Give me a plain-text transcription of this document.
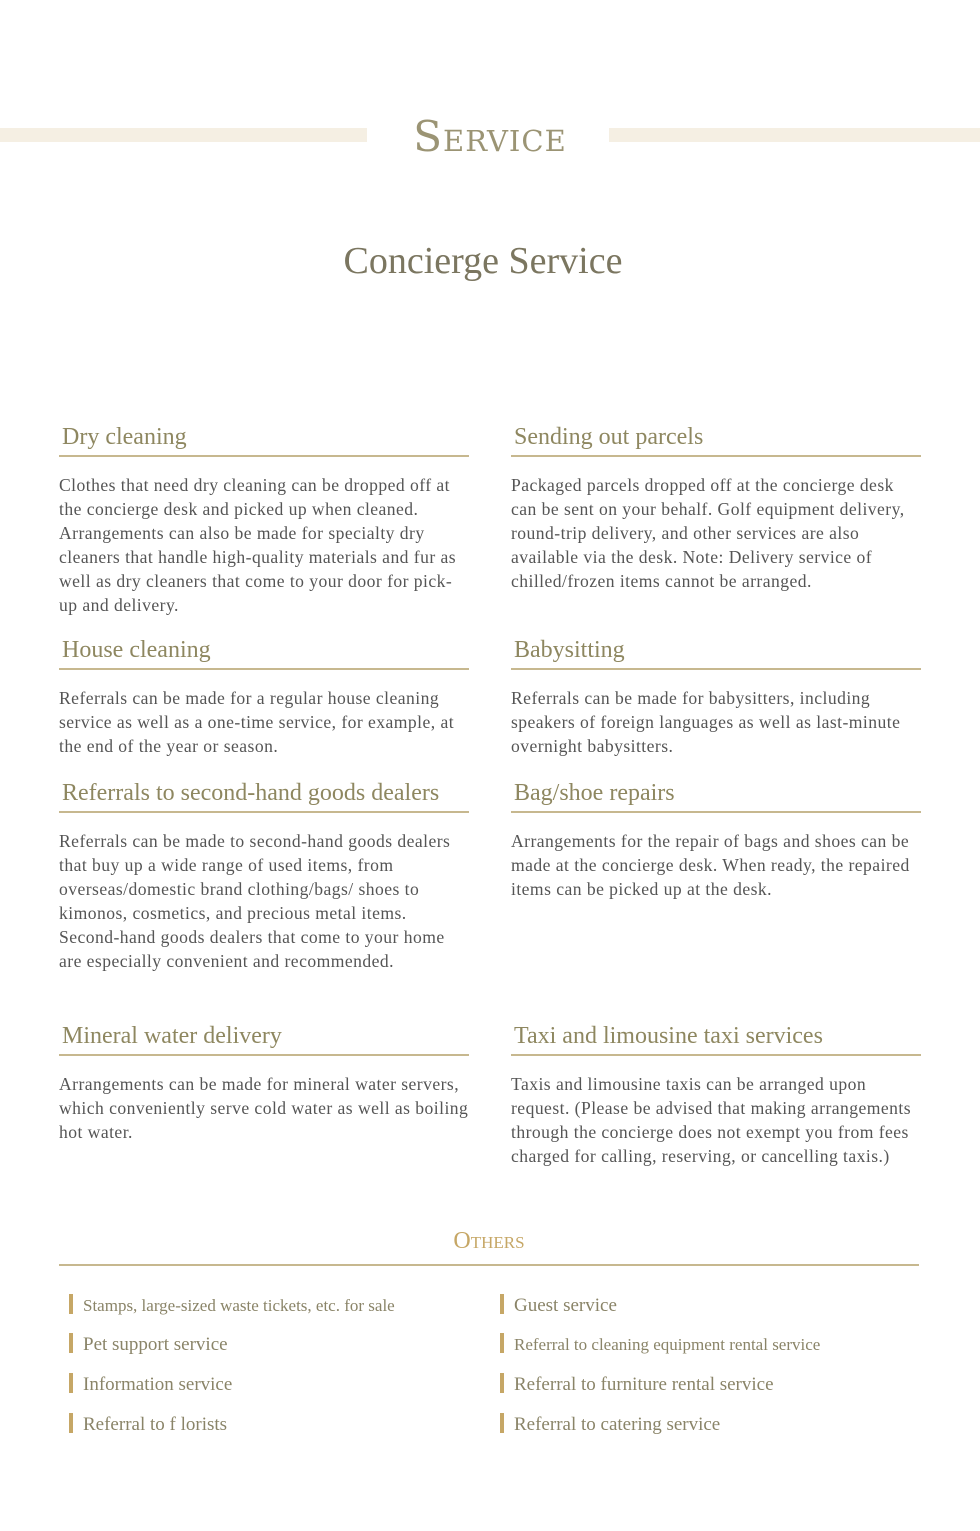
Service
Concierge Service
Dry cleaning

Clothes that need dry cleaning can be dropped off at the concierge desk and picked up when cleaned. Arrangements can also be made for specialty dry cleaners that handle high-quality materials and fur as well as dry cleaners that come to your door for pick-up and delivery.

Sending out parcels

Packaged parcels dropped off at the concierge desk can be sent on your behalf. Golf equipment delivery, round-trip delivery, and other services are also available via the desk. Note: Delivery service of chilled/frozen items cannot be arranged.

House cleaning

Referrals can be made for a regular house cleaning service as well as a one-time service, for example, at the end of the year or season.

Babysitting

Referrals can be made for babysitters, including speakers of foreign languages as well as last-minute overnight babysitters.

Referrals to second-hand goods dealers

Referrals can be made to second-hand goods dealers that buy up a wide range of used items, from overseas/domestic brand clothing/bags/ shoes to kimonos, cosmetics, and precious metal items. Second-hand goods dealers that come to your home are especially convenient and recommended.

Bag/shoe repairs

Arrangements for the repair of bags and shoes can be made at the concierge desk. When ready, the repaired items can be picked up at the desk.

Mineral water delivery

Arrangements can be made for mineral water servers, which conveniently serve cold water as well as boiling hot water.

Taxi and limousine taxi services

Taxis and limousine taxis can be arranged upon request. (Please be advised that making arrangements through the concierge does not exempt you from fees charged for calling, reserving, or cancelling taxis.)

Others
Stamps, large-sized waste tickets, etc. for sale	Guest service
Pet support service	Referral to cleaning equipment rental service
Information service	Referral to furniture rental service
Referral to f lorists	Referral to catering service
